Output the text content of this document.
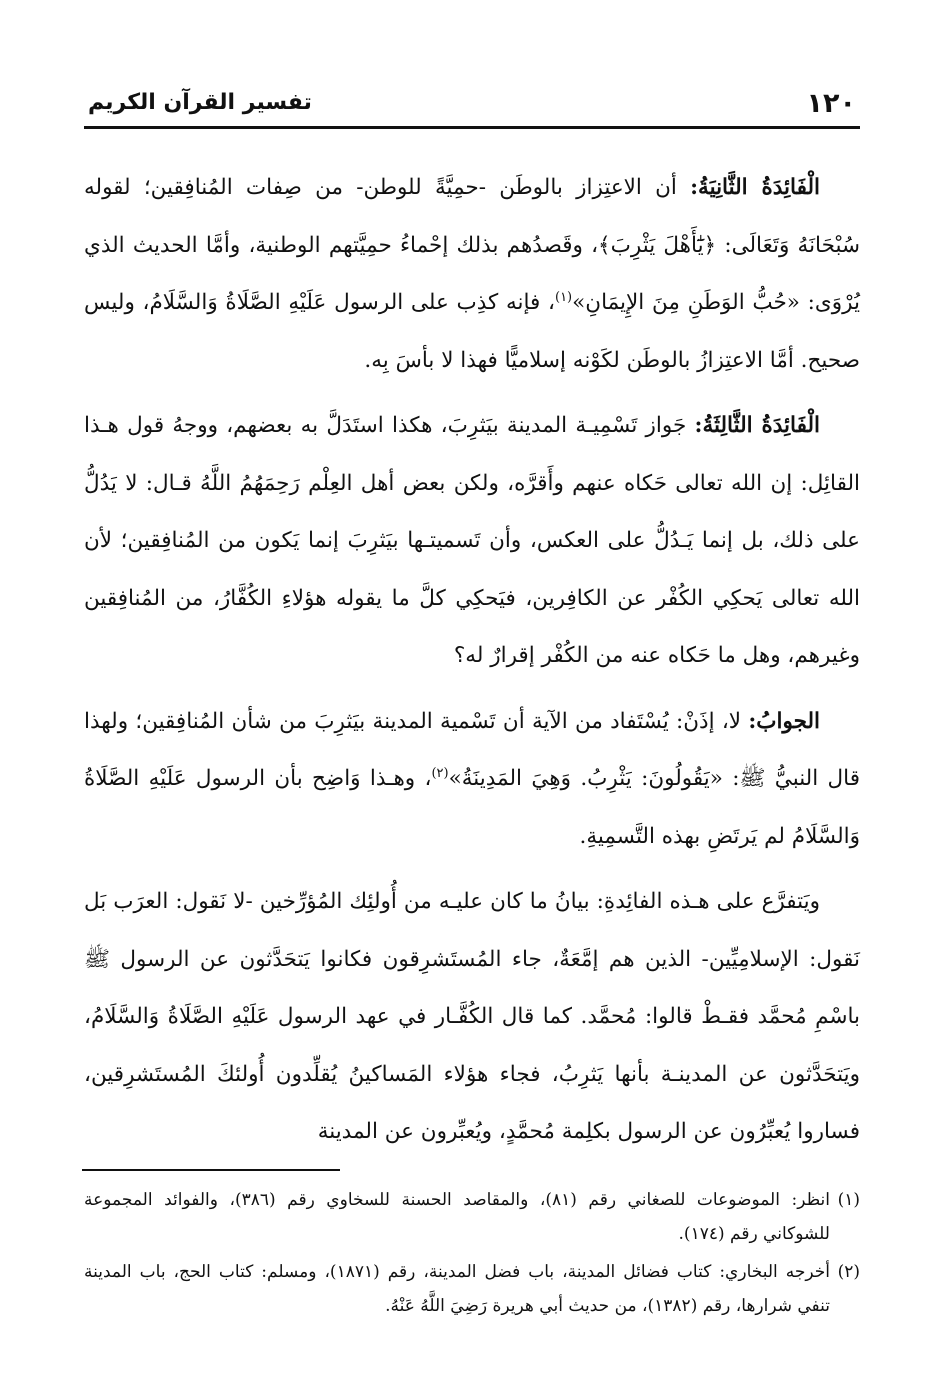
١٢٠
تفسير القرآن الكريم

الْفَائِدَةُ الثَّانِيَةُ: أن الاعتِزاز بالوطَن -حمِيَّةً للوطن- من صِفات المُنافِقين؛ لقوله سُبْحَانَهُ وَتَعَالَى: ﴿يَٰٓأَهْلَ يَثْرِبَ﴾، وقَصدُهم بذلك إحْماءُ حمِيَّتهم الوطنية، وأمَّا الحديث الذي يُرْوَى: «حُبُّ الوَطَنِ مِنَ الإِيمَانِ»$^{(١)}$، فإنه كذِب على الرسول عَلَيْهِ الصَّلَاةُ وَالسَّلَامُ، وليس صحيح. أمَّا الاعتِزازُ بالوطَن لكَوْنه إسلاميًّا فهذا لا بأسَ بِه.

الْفَائِدَةُ الثَّالِثَةُ: جَواز تَسْمِيـة المدينة بيَثرِبَ، هكذا استَدَلَّ به بعضهم، ووجهُ قول هـذا القائِل: إن الله تعالى حَكاه عنهم وأَقرَّه، ولكن بعض أهل العِلْم رَحِمَهُمُ اللَّهُ قـال: لا يَدُلُّ على ذلك، بل إنما يَـدُلُّ على العكس، وأن تَسميتـها بيَثرِبَ إنما يَكون من المُنافِقين؛ لأن الله تعالى يَحكِي الكُفْر عن الكافِرين، فيَحكِي كلَّ ما يقوله هؤلاءِ الكُفَّارُ، من المُنافِقين وغيرهم، وهل ما حَكاه عنه من الكُفْر إقرارٌ له؟

الجوابُ: لا، إذَنْ: يُسْتَفاد من الآية أن تَسْمية المدينة بيَثرِبَ من شأن المُنافِقين؛ ولهذا قال النبيُّ ﷺ: «يَقُولُونَ: يَثْرِبُ. وَهِيَ المَدِينَةُ»$^{(٢)}$، وهـذا وَاضِح بأن الرسول عَلَيْهِ الصَّلَاةُ وَالسَّلَامُ لم يَرتَضِ بهذه التَّسمِيةِ.

ويَتفرَّع على هـذه الفائِدةِ: بيانُ ما كان عليـه من أُولئِك المُؤرِّخين -لا نَقول: العرَب بَل نَقول: الإسلامِيِّين- الذين هم إمَّعَةٌ، جاء المُستَشرِقون فكانوا يَتحَدَّثون عن الرسول ﷺ باسْمِ مُحمَّد فقـطْ قالوا: مُحمَّد. كما قال الكُفَّـار في عهد الرسول عَلَيْهِ الصَّلَاةُ وَالسَّلَامُ، ويَتحَدَّثون عن المدينـة بأنها يَثرِبُ، فجاء هؤلاء المَساكينُ يُقلِّدون أُولئكَ المُستَشرِقين، فساروا يُعبِّرُون عن الرسول بكلِمة مُحمَّدٍ، ويُعبِّرون عن المدينة

(١)
انظر: الموضوعات للصغاني رقم (٨١)، والمقاصد الحسنة للسخاوي رقم (٣٨٦)، والفوائد المجموعة للشوكاني رقم (١٧٤).

(٢)
أخرجه البخاري: كتاب فضائل المدينة، باب فضل المدينة، رقم (١٨٧١)، ومسلم: كتاب الحج، باب المدينة تنفي شرارها، رقم (١٣٨٢)، من حديث أبي هريرة رَضِيَ اللَّهُ عَنْهُ.
